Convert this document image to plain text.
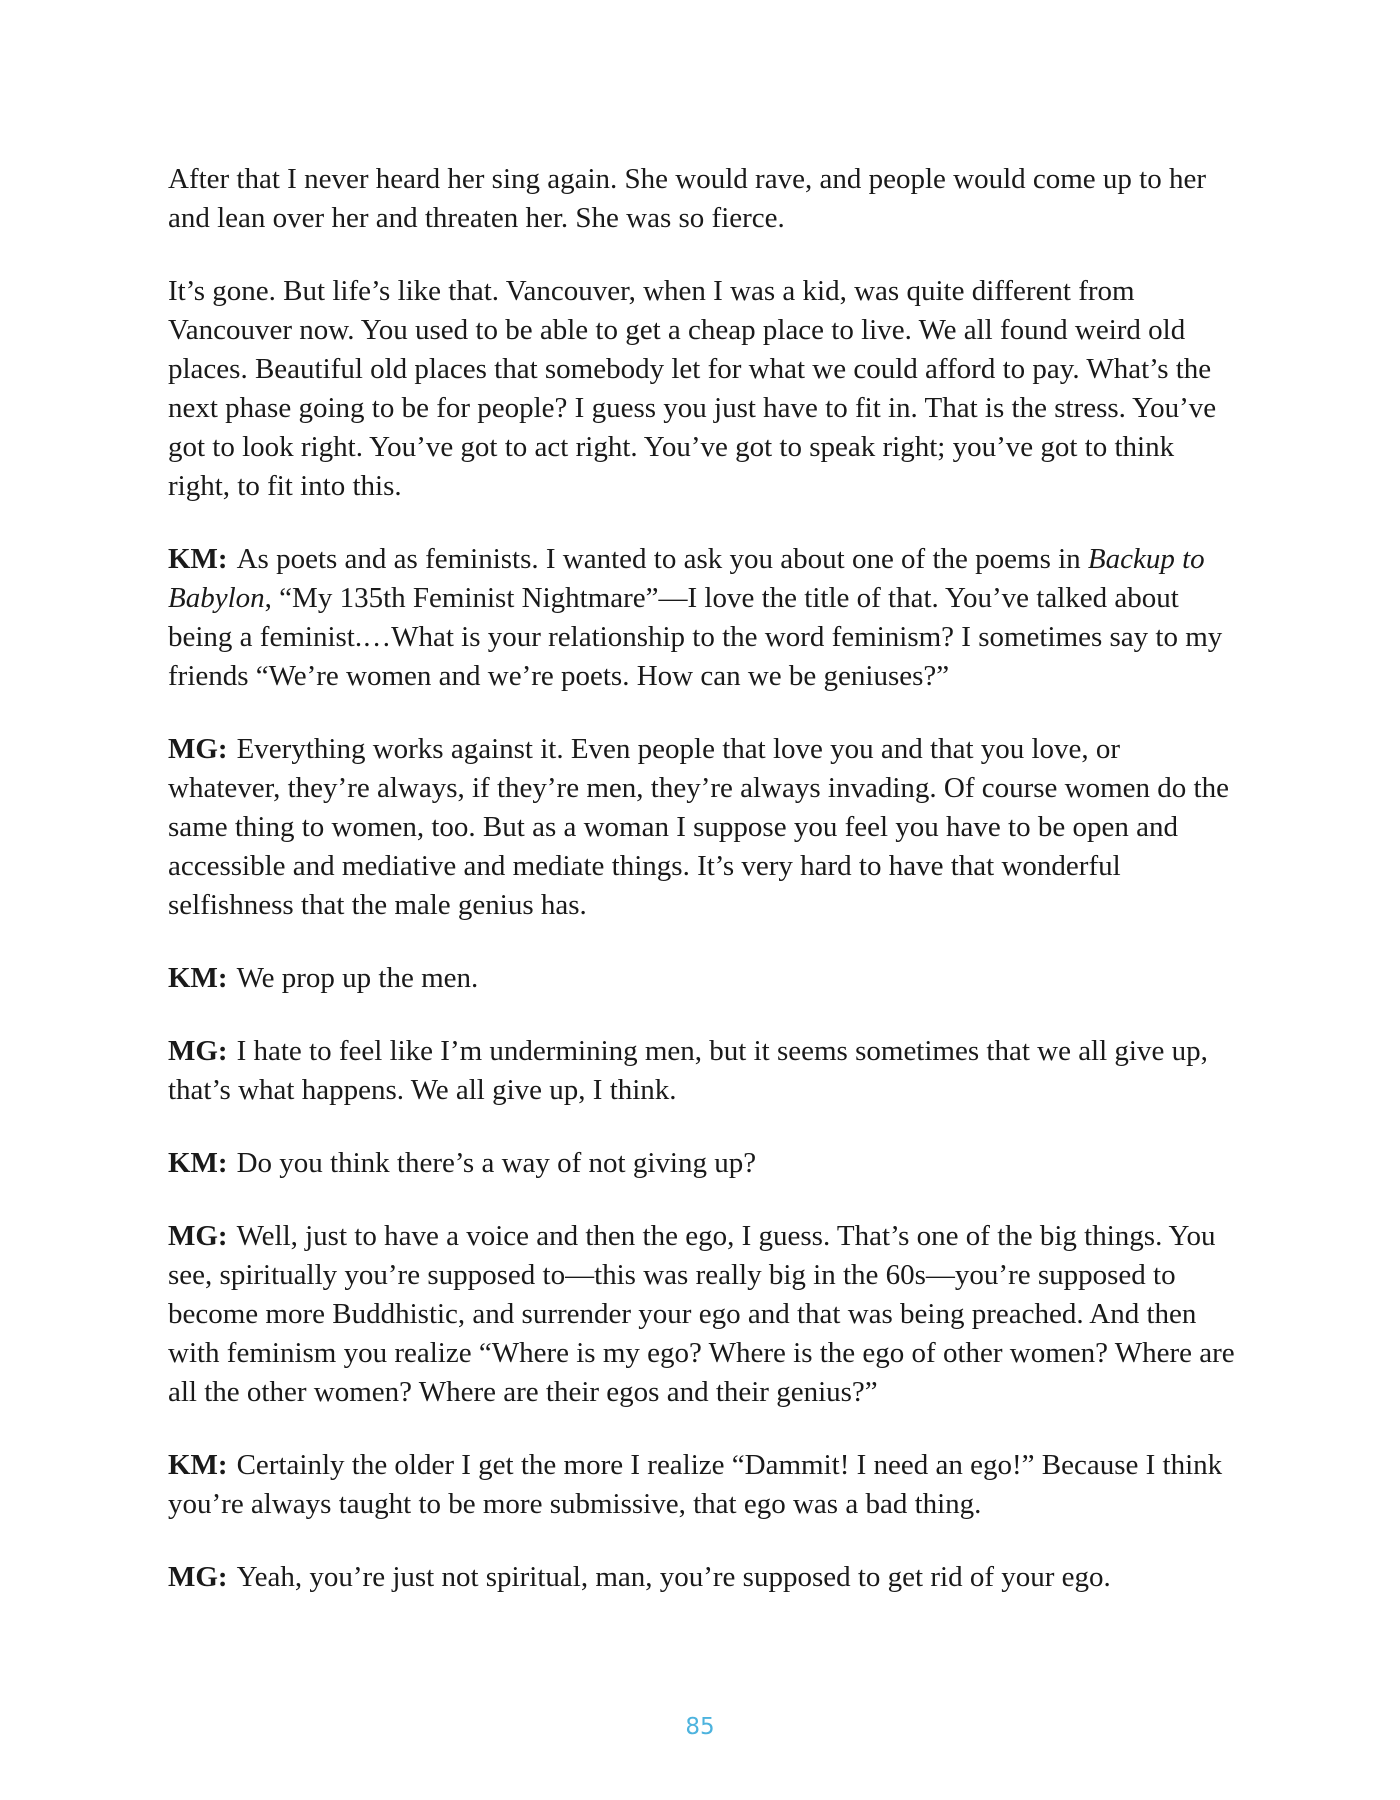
After that I never heard her sing again. She would rave, and people would come up to her and lean over her and threaten her. She was so fierce.

It’s gone. But life’s like that. Vancouver, when I was a kid, was quite different from Vancouver now. You used to be able to get a cheap place to live. We all found weird old places. Beautiful old places that somebody let for what we could afford to pay. What’s the next phase going to be for people? I guess you just have to fit in. That is the stress. You’ve got to look right. You’ve got to act right. You’ve got to speak right; you’ve got to think right, to fit into this.

KM: As poets and as feminists. I wanted to ask you about one of the poems in Backup to Babylon, “My 135th Feminist Nightmare”—I love the title of that. You’ve talked about being a feminist.…What is your relationship to the word feminism? I sometimes say to my friends “We’re women and we’re poets. How can we be geniuses?”

MG: Everything works against it. Even people that love you and that you love, or whatever, they’re always, if they’re men, they’re always invading. Of course women do the same thing to women, too. But as a woman I suppose you feel you have to be open and accessible and mediative and mediate things. It’s very hard to have that wonderful selfishness that the male genius has.

KM: We prop up the men.

MG: I hate to feel like I’m undermining men, but it seems sometimes that we all give up, that’s what happens. We all give up, I think.

KM: Do you think there’s a way of not giving up?

MG: Well, just to have a voice and then the ego, I guess. That’s one of the big things. You see, spiritually you’re supposed to—this was really big in the 60s—you’re supposed to become more Buddhistic, and surrender your ego and that was being preached. And then with feminism you realize “Where is my ego? Where is the ego of other women? Where are all the other women? Where are their egos and their genius?”

KM: Certainly the older I get the more I realize “Dammit! I need an ego!” Because I think you’re always taught to be more submissive, that ego was a bad thing.

MG: Yeah, you’re just not spiritual, man, you’re supposed to get rid of your ego.

85
